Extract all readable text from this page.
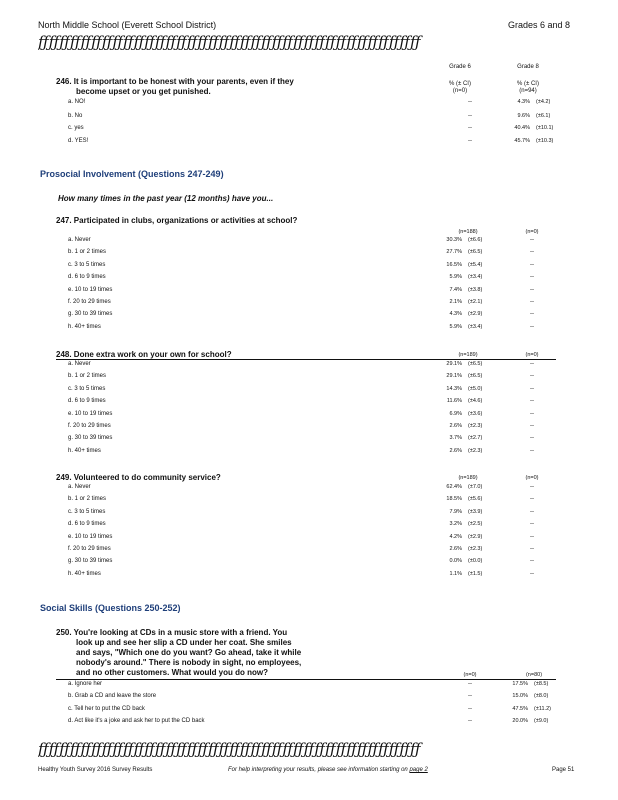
North Middle School (Everett School District)	Grades 6 and 8
ƒƒƒƒƒƒƒƒƒƒƒƒƒƒƒƒƒƒƒƒƒƒƒƒƒƒƒƒƒƒƒƒƒƒƒƒƒƒƒƒƒƒƒƒƒƒƒƒƒƒƒƒƒƒƒƒƒƒƒƒƒƒƒƒƒƒƒƒƒƒƒƒ
Grade 6	Grade 8
246. It is important to be honest with your parents, even if they
become upset or you get punished.
% (± CI)
(n=0)
% (± CI)
(n=94)
a. NO!	--	4.3% (±4.2)
b. No	--	9.6% (±6.1)
c. yes	--	40.4% (±10.1)
d. YES!	--	45.7% (±10.3)
Prosocial Involvement (Questions 247-249)
How many times in the past year (12 months) have you...
247. Participated in clubs, organizations or activities at school?
(n=188)	(n=0)
a. Never	30.3% (±6.6)	--
b. 1 or 2 times	27.7% (±6.5)	--
c. 3 to 5 times	16.5% (±5.4)	--
d. 6 to 9 times	5.9% (±3.4)	--
e. 10 to 19 times	7.4% (±3.8)	--
f. 20 to 29 times	2.1% (±2.1)	--
g. 30 to 39 times	4.3% (±2.9)	--
h. 40+ times	5.9% (±3.4)	--
248. Done extra work on your own for school?	(n=189)	(n=0)
a. Never	29.1% (±6.5)	--
b. 1 or 2 times	29.1% (±6.5)	--
c. 3 to 5 times	14.3% (±5.0)	--
d. 6 to 9 times	11.6% (±4.6)	--
e. 10 to 19 times	6.9% (±3.6)	--
f. 20 to 29 times	2.6% (±2.3)	--
g. 30 to 39 times	3.7% (±2.7)	--
h. 40+ times	2.6% (±2.3)	--
249. Volunteered to do community service?	(n=189)	(n=0)
a. Never	62.4% (±7.0)	--
b. 1 or 2 times	18.5% (±5.6)	--
c. 3 to 5 times	7.9% (±3.9)	--
d. 6 to 9 times	3.2% (±2.5)	--
e. 10 to 19 times	4.2% (±2.9)	--
f. 20 to 29 times	2.6% (±2.3)	--
g. 30 to 39 times	0.0% (±0.0)	--
h. 40+ times	1.1% (±1.5)	--
Social Skills (Questions 250-252)
250. You're looking at CDs in a music store with a friend. You
look up and see her slip a CD under her coat. She smiles
and says, "Which one do you want? Go ahead, take it while
nobody's around." There is nobody in sight, no employees,
and no other customers. What would you do now?	(n=0)	(n=80)
a. Ignore her	--	17.5% (±8.5)
b. Grab a CD and leave the store	--	15.0% (±8.0)
c. Tell her to put the CD back	--	47.5% (±11.2)
d. Act like it's a joke and ask her to put the CD back	--	20.0% (±9.0)
ƒƒƒƒƒƒƒƒƒƒƒƒƒƒƒƒƒƒƒƒƒƒƒƒƒƒƒƒƒƒƒƒƒƒƒƒƒƒƒƒƒƒƒƒƒƒƒƒƒƒƒƒƒƒƒƒƒƒƒƒƒƒƒƒƒƒƒƒƒƒƒƒ
Healthy Youth Survey 2016 Survey Results	For help interpreting your results, please see information starting on page 2	Page 51
